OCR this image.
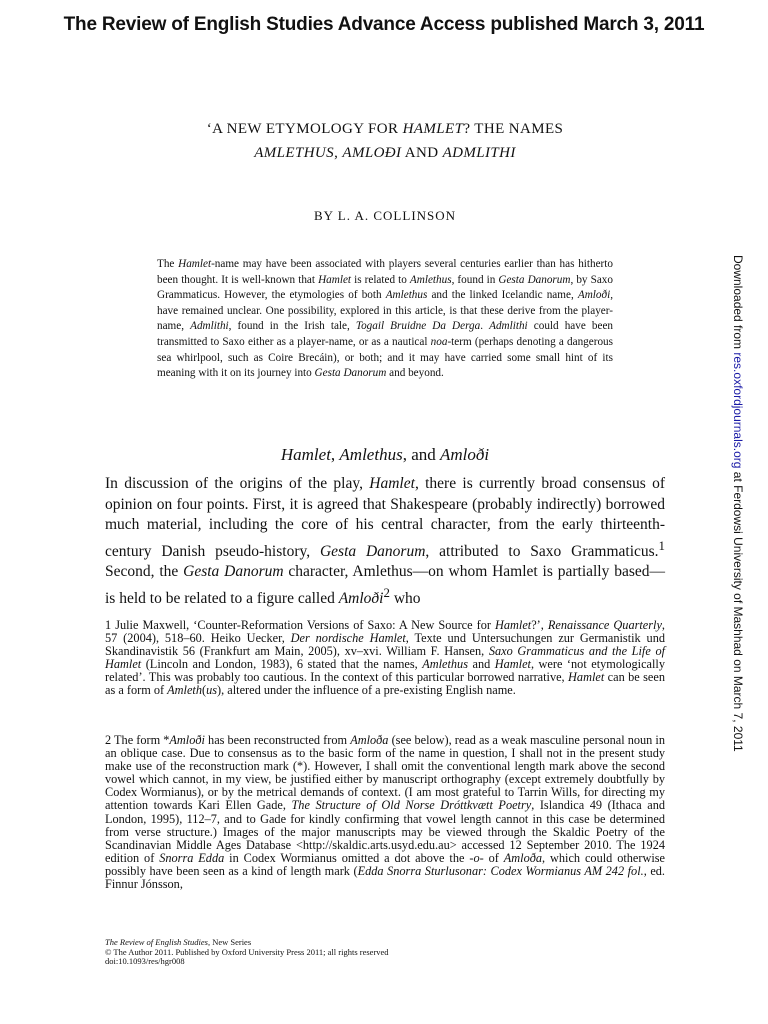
The Review of English Studies Advance Access published March 3, 2011
‘A NEW ETYMOLOGY FOR HAMLET? THE NAMES
AMLETHUS, AMLOÐI AND ADMLITHI
BY L. A. COLLINSON

The Hamlet-name may have been associated with players several centuries earlier than has hitherto been thought. It is well-known that Hamlet is related to Amlethus, found in Gesta Danorum, by Saxo Grammaticus. However, the etymologies of both Amlethus and the linked Icelandic name, Amloði, have remained unclear. One possibility, explored in this article, is that these derive from the player-name, Admlithi, found in the Irish tale, Togail Bruidne Da Derga. Admlithi could have been transmitted to Saxo either as a player-name, or as a nautical noa-term (perhaps denoting a dangerous sea whirlpool, such as Coire Brecáin), or both; and it may have carried some small hint of its meaning with it on its journey into Gesta Danorum and beyond.

Hamlet, Amlethus, and Amloði

In discussion of the origins of the play, Hamlet, there is currently broad consensus of opinion on four points. First, it is agreed that Shakespeare (probably indirectly) borrowed much material, including the core of his central character, from the early thirteenth-century Danish pseudo-history, Gesta Danorum, attributed to Saxo Grammaticus.$^1$ Second, the Gesta Danorum character, Amlethus—on whom Hamlet is partially based—is held to be related to a figure called Amloði$^2$ who

1 Julie Maxwell, ‘Counter-Reformation Versions of Saxo: A New Source for Hamlet?’, Renaissance Quarterly, 57 (2004), 518–60. Heiko Uecker, Der nordische Hamlet, Texte und Untersuchungen zur Germanistik und Skandinavistik 56 (Frankfurt am Main, 2005), xv–xvi. William F. Hansen, Saxo Grammaticus and the Life of Hamlet (Lincoln and London, 1983), 6 stated that the names, Amlethus and Hamlet, were ‘not etymologically related’. This was probably too cautious. In the context of this particular borrowed narrative, Hamlet can be seen as a form of Amleth(us), altered under the influence of a pre-existing English name.

2 The form *Amloði has been reconstructed from Amloða (see below), read as a weak masculine personal noun in an oblique case. Due to consensus as to the basic form of the name in question, I shall not in the present study make use of the reconstruction mark (*). However, I shall omit the conventional length mark above the second vowel which cannot, in my view, be justified either by manuscript orthography (except extremely doubtfully by Codex Wormianus), or by the metrical demands of context. (I am most grateful to Tarrin Wills, for directing my attention towards Kari Ellen Gade, The Structure of Old Norse Dróttkvætt Poetry, Islandica 49 (Ithaca and London, 1995), 112–7, and to Gade for kindly confirming that vowel length cannot in this case be determined from verse structure.) Images of the major manuscripts may be viewed through the Skaldic Poetry of the Scandinavian Middle Ages Database <http://skaldic.arts.usyd.edu.au> accessed 12 September 2010. The 1924 edition of Snorra Edda in Codex Wormianus omitted a dot above the -o- of Amloða, which could otherwise possibly have been seen as a kind of length mark (Edda Snorra Sturlusonar: Codex Wormianus AM 242 fol., ed. Finnur Jónsson,

The Review of English Studies, New Series
© The Author 2011. Published by Oxford University Press 2011; all rights reserved
doi:10.1093/res/hgr008
Downloaded from res.oxfordjournals.org at Ferdowsi University of Mashhad on March 7, 2011
